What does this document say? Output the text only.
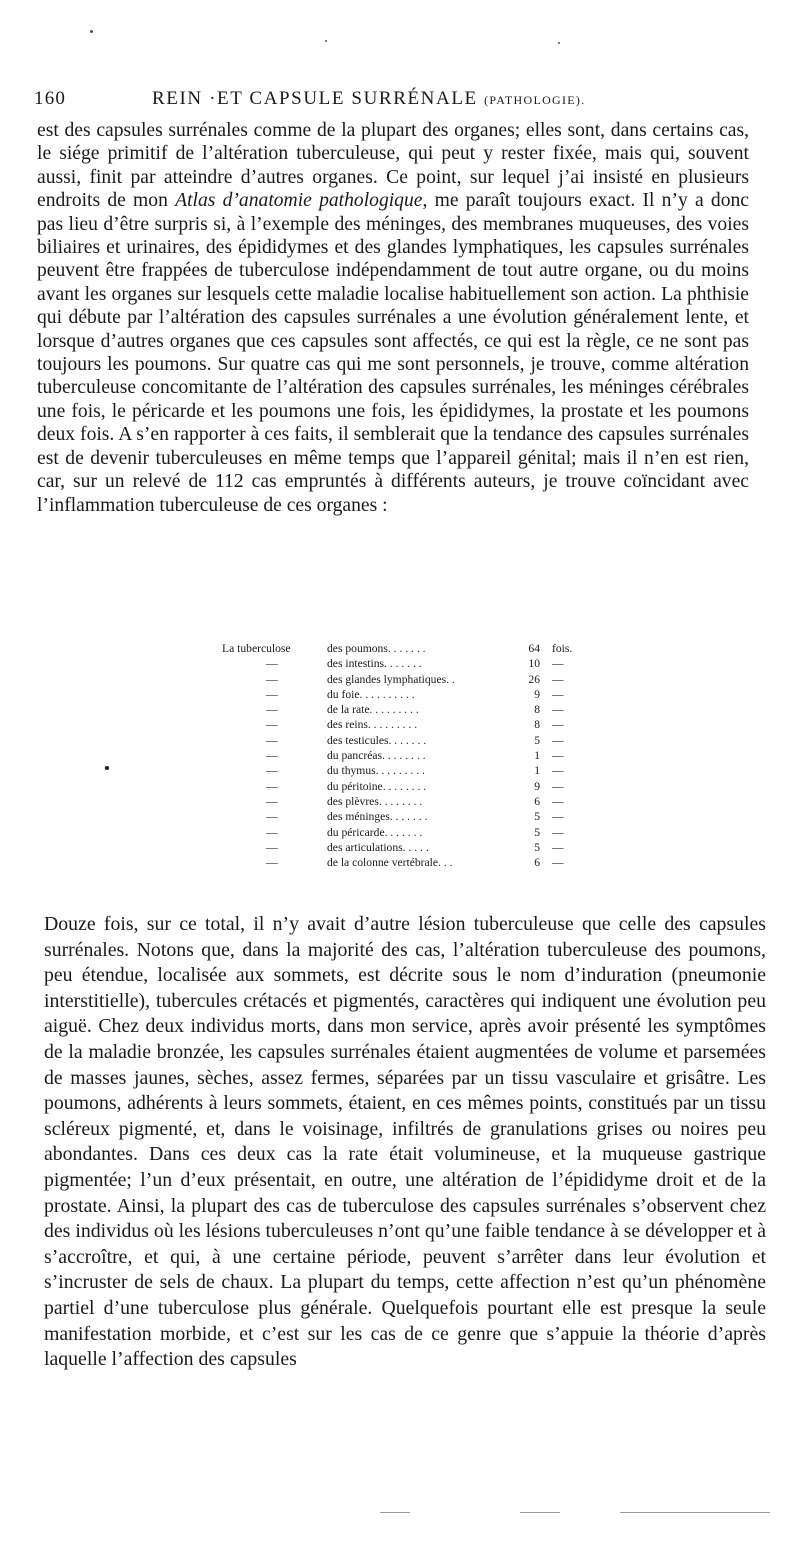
160	REIN ·ET CAPSULE SURRÉNALE (PATHOLOGIE).
est des capsules surrénales comme de la plupart des organes; elles sont, dans certains cas, le siége primitif de l’altération tuberculeuse, qui peut y rester fixée, mais qui, souvent aussi, finit par atteindre d’autres organes. Ce point, sur lequel j’ai insisté en plusieurs endroits de mon Atlas d’anatomie pathologique, me paraît toujours exact. Il n’y a donc pas lieu d’être surpris si, à l’exemple des méninges, des membranes muqueuses, des voies biliaires et urinaires, des épididymes et des glandes lymphatiques, les capsules surrénales peuvent être frappées de tuberculose indépendamment de tout autre organe, ou du moins avant les organes sur lesquels cette maladie localise habituellement son action. La phthisie qui débute par l’altération des capsules surrénales a une évolution généralement lente, et lorsque d’autres organes que ces capsules sont affectés, ce qui est la règle, ce ne sont pas toujours les poumons. Sur quatre cas qui me sont personnels, je trouve, comme altération tuberculeuse concomitante de l’altération des capsules surrénales, les méninges cérébrales une fois, le péricarde et les poumons une fois, les épididymes, la prostate et les poumons deux fois. A s’en rapporter à ces faits, il semblerait que la tendance des capsules surrénales est de devenir tuberculeuses en même temps que l’appareil génital; mais il n’en est rien, car, sur un relevé de 112 cas empruntés à différents auteurs, je trouve coïncidant avec l’inflammation tuberculeuse de ces organes :
La tuberculose	des poumons. . . . . . .	64 fois.
—	des intestins. . . . . . .	10 —
—	des glandes lymphatiques. .	26 —
—	du foie. . . . . . . . . .	9 —
—	de la rate. . . . . . . . .	8 —
—	des reins. . . . . . . . .	8 —
—	des testicules. . . . . . .	5 —
—	du pancréas. . . . . . . .	1 —
—	du thymus. . . . . . . . .	1 —
—	du péritoine. . . . . . . .	9 —
—	des plèvres. . . . . . . .	6 —
—	des méninges. . . . . . .	5 —
—	du péricarde. . . . . . .	5 —
—	des articulations. . . . .	5 —
—	de la colonne vertébrale. . .	6 —
Douze fois, sur ce total, il n’y avait d’autre lésion tuberculeuse que celle des capsules surrénales. Notons que, dans la majorité des cas, l’altération tuberculeuse des poumons, peu étendue, localisée aux sommets, est décrite sous le nom d’induration (pneumonie interstitielle), tubercules crétacés et pigmentés, caractères qui indiquent une évolution peu aiguë. Chez deux individus morts, dans mon service, après avoir présenté les symptômes de la maladie bronzée, les capsules surrénales étaient augmentées de volume et parsemées de masses jaunes, sèches, assez fermes, séparées par un tissu vasculaire et grisâtre. Les poumons, adhérents à leurs sommets, étaient, en ces mêmes points, constitués par un tissu scléreux pigmenté, et, dans le voisinage, infiltrés de granulations grises ou noires peu abondantes. Dans ces deux cas la rate était volumineuse, et la muqueuse gastrique pigmentée; l’un d’eux présentait, en outre, une altération de l’épididyme droit et de la prostate. Ainsi, la plupart des cas de tuberculose des capsules surrénales s’observent chez des individus où les lésions tuberculeuses n’ont qu’une faible tendance à se développer et à s’accroître, et qui, à une certaine période, peuvent s’arrêter dans leur évolution et s’incruster de sels de chaux. La plupart du temps, cette affection n’est qu’un phénomène partiel d’une tuberculose plus générale. Quelquefois pourtant elle est presque la seule manifestation morbide, et c’est sur les cas de ce genre que s’appuie la théorie d’après laquelle l’affection des capsules
